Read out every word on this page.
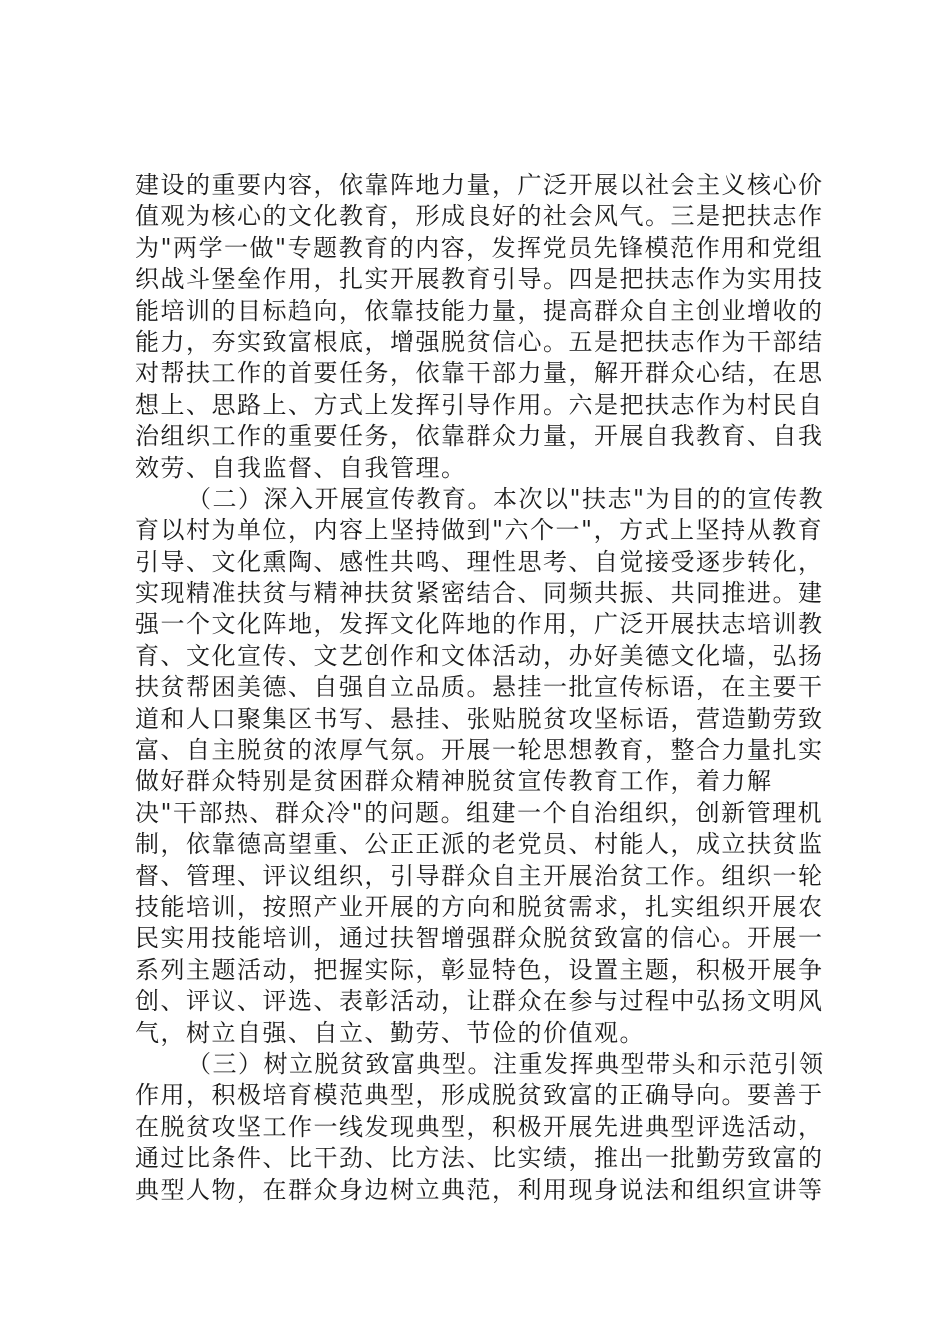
建设的重要内容，依靠阵地力量，广泛开展以社会主义核心价
值观为核心的文化教育，形成良好的社会风气。三是把扶志作
为"两学一做"专题教育的内容，发挥党员先锋模范作用和党组
织战斗堡垒作用，扎实开展教育引导。四是把扶志作为实用技
能培训的目标趋向，依靠技能力量，提高群众自主创业增收的
能力，夯实致富根底，增强脱贫信心。五是把扶志作为干部结
对帮扶工作的首要任务，依靠干部力量，解开群众心结，在思
想上、思路上、方式上发挥引导作用。六是把扶志作为村民自
治组织工作的重要任务，依靠群众力量，开展自我教育、自我
效劳、自我监督、自我管理。
（二）深入开展宣传教育。本次以"扶志"为目的的宣传教
育以村为单位，内容上坚持做到"六个一"，方式上坚持从教育
引导、文化熏陶、感性共鸣、理性思考、自觉接受逐步转化，
实现精准扶贫与精神扶贫紧密结合、同频共振、共同推进。建
强一个文化阵地，发挥文化阵地的作用，广泛开展扶志培训教
育、文化宣传、文艺创作和文体活动，办好美德文化墙，弘扬
扶贫帮困美德、自强自立品质。悬挂一批宣传标语，在主要干
道和人口聚集区书写、悬挂、张贴脱贫攻坚标语，营造勤劳致
富、自主脱贫的浓厚气氛。开展一轮思想教育，整合力量扎实
做好群众特别是贫困群众精神脱贫宣传教育工作，着力解
决"干部热、群众冷"的问题。组建一个自治组织，创新管理机
制，依靠德高望重、公正正派的老党员、村能人，成立扶贫监
督、管理、评议组织，引导群众自主开展治贫工作。组织一轮
技能培训，按照产业开展的方向和脱贫需求，扎实组织开展农
民实用技能培训，通过扶智增强群众脱贫致富的信心。开展一
系列主题活动，把握实际，彰显特色，设置主题，积极开展争
创、评议、评选、表彰活动，让群众在参与过程中弘扬文明风
气，树立自强、自立、勤劳、节俭的价值观。
（三）树立脱贫致富典型。注重发挥典型带头和示范引领
作用，积极培育模范典型，形成脱贫致富的正确导向。要善于
在脱贫攻坚工作一线发现典型，积极开展先进典型评选活动，
通过比条件、比干劲、比方法、比实绩，推出一批勤劳致富的
典型人物，在群众身边树立典范，利用现身说法和组织宣讲等
